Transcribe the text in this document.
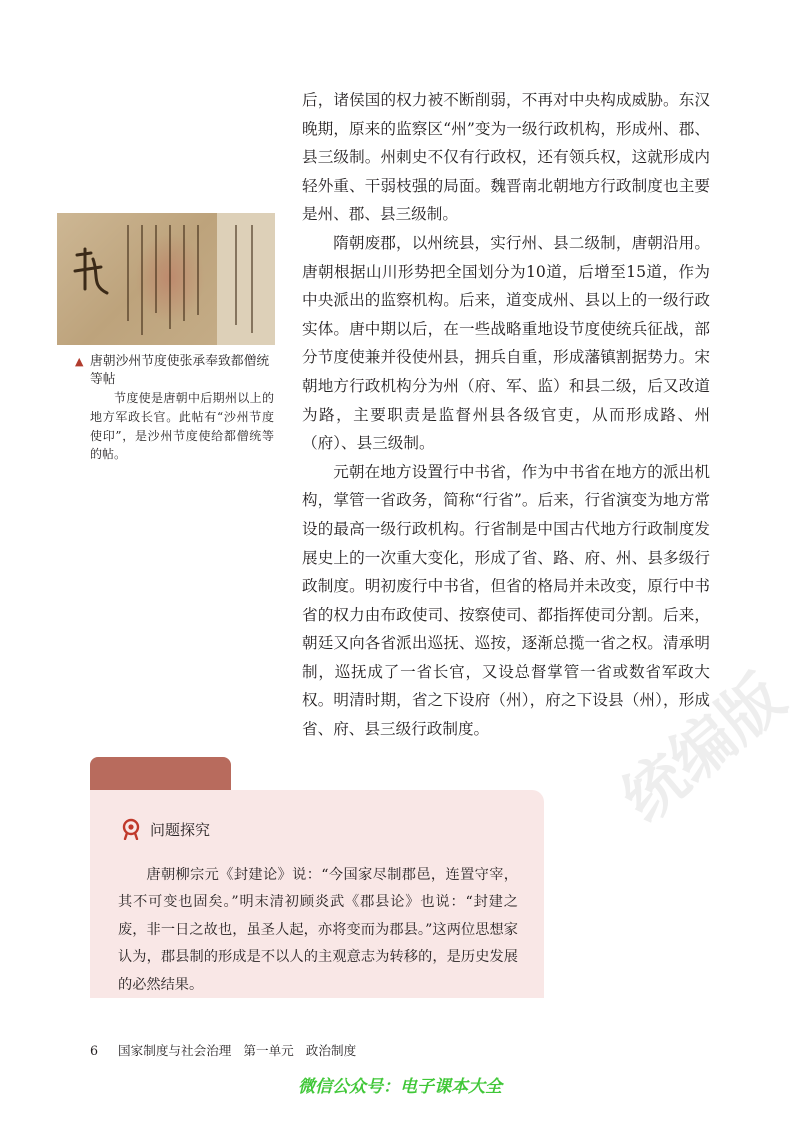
后，诸侯国的权力被不断削弱，不再对中央构成威胁。东汉晚期，原来的监察区“州”变为一级行政机构，形成州、郡、县三级制。州刺史不仅有行政权，还有领兵权，这就形成内轻外重、干弱枝强的局面。魏晋南北朝地方行政制度也主要是州、郡、县三级制。

隋朝废郡，以州统县，实行州、县二级制，唐朝沿用。唐朝根据山川形势把全国划分为10道，后增至15道，作为中央派出的监察机构。后来，道变成州、县以上的一级行政实体。唐中期以后，在一些战略重地设节度使统兵征战，部分节度使兼并役使州县，拥兵自重，形成藩镇割据势力。宋朝地方行政机构分为州（府、军、监）和县二级，后又改道为路，主要职责是监督州县各级官吏，从而形成路、州（府）、县三级制。

元朝在地方设置行中书省，作为中书省在地方的派出机构，掌管一省政务，简称“行省”。后来，行省演变为地方常设的最高一级行政机构。行省制是中国古代地方行政制度发展史上的一次重大变化，形成了省、路、府、州、县多级行政制度。明初废行中书省，但省的格局并未改变，原行中书省的权力由布政使司、按察使司、都指挥使司分割。后来，朝廷又向各省派出巡抚、巡按，逐渐总揽一省之权。清承明制，巡抚成了一省长官，又设总督掌管一省或数省军政大权。明清时期，省之下设府（州），府之下设县（州），形成省、府、县三级行政制度。

▲ 唐朝沙州节度使张承奉致都僧统等帖
节度使是唐朝中后期州以上的地方军政长官。此帖有“沙州节度使印”，是沙州节度使给都僧统等的帖。
问题探究

唐朝柳宗元《封建论》说：“今国家尽制郡邑，连置守宰，其不可变也固矣。”明末清初顾炎武《郡县论》也说：“封建之废，非一日之故也，虽圣人起，亦将变而为郡县。”这两位思想家认为，郡县制的形成是不以人的主观意志为转移的，是历史发展的必然结果。

统编版
6 国家制度与社会治理 第一单元 政治制度
微信公众号：电子课本大全
